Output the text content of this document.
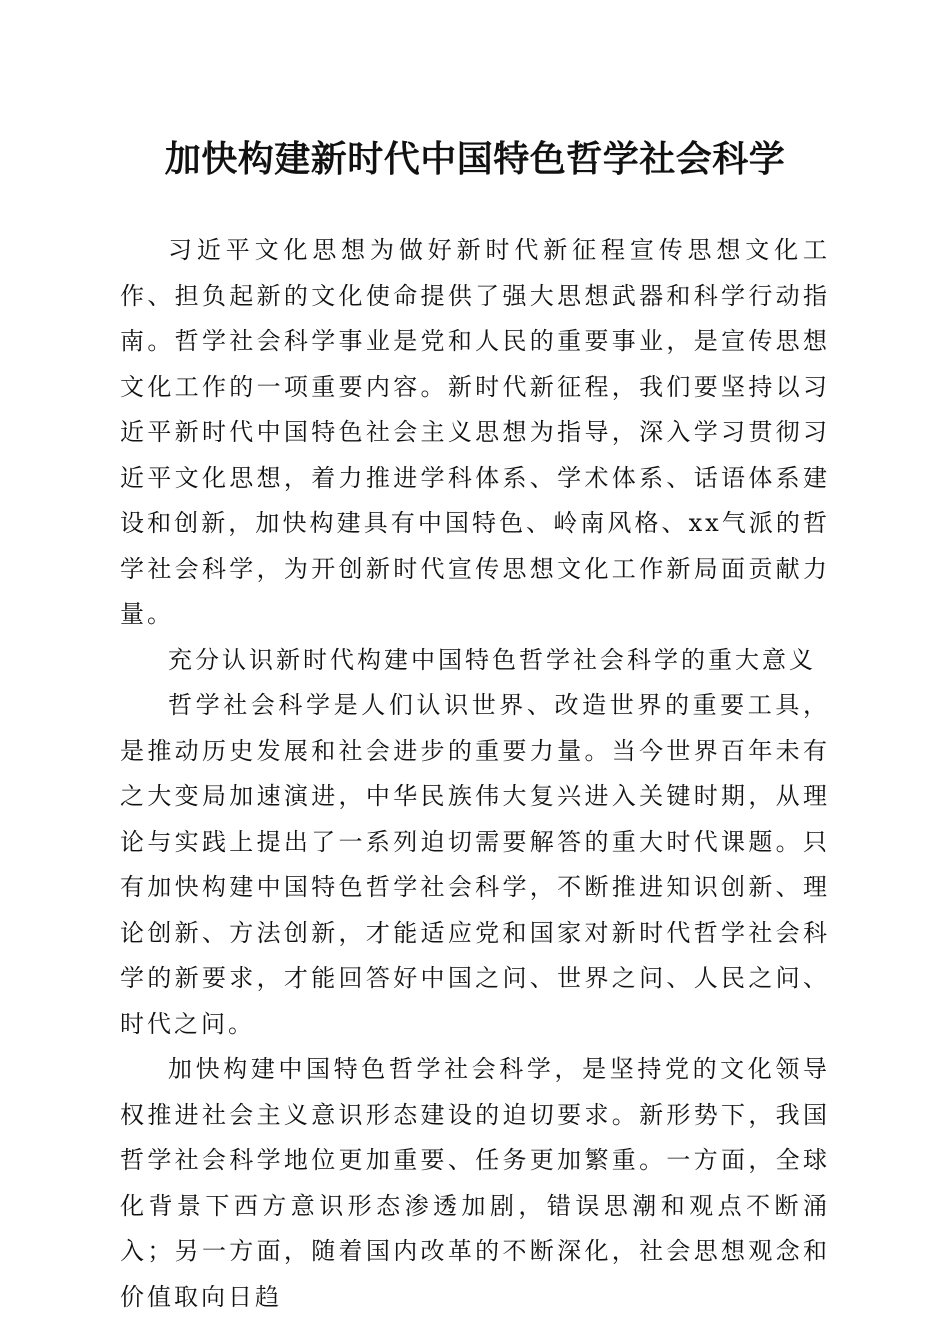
加快构建新时代中国特色哲学社会科学

习近平文化思想为做好新时代新征程宣传思想文化工作、担负起新的文化使命提供了强大思想武器和科学行动指南。哲学社会科学事业是党和人民的重要事业，是宣传思想文化工作的一项重要内容。新时代新征程，我们要坚持以习近平新时代中国特色社会主义思想为指导，深入学习贯彻习近平文化思想，着力推进学科体系、学术体系、话语体系建设和创新，加快构建具有中国特色、岭南风格、xx气派的哲学社会科学，为开创新时代宣传思想文化工作新局面贡献力量。

充分认识新时代构建中国特色哲学社会科学的重大意义

哲学社会科学是人们认识世界、改造世界的重要工具，是推动历史发展和社会进步的重要力量。当今世界百年未有之大变局加速演进，中华民族伟大复兴进入关键时期，从理论与实践上提出了一系列迫切需要解答的重大时代课题。只有加快构建中国特色哲学社会科学，不断推进知识创新、理论创新、方法创新，才能适应党和国家对新时代哲学社会科学的新要求，才能回答好中国之问、世界之问、人民之问、时代之问。

加快构建中国特色哲学社会科学，是坚持党的文化领导权推进社会主义意识形态建设的迫切要求。新形势下，我国哲学社会科学地位更加重要、任务更加繁重。一方面，全球化背景下西方意识形态渗透加剧，错误思潮和观点不断涌入；另一方面，随着国内改革的不断深化，社会思想观念和价值取向日趋
